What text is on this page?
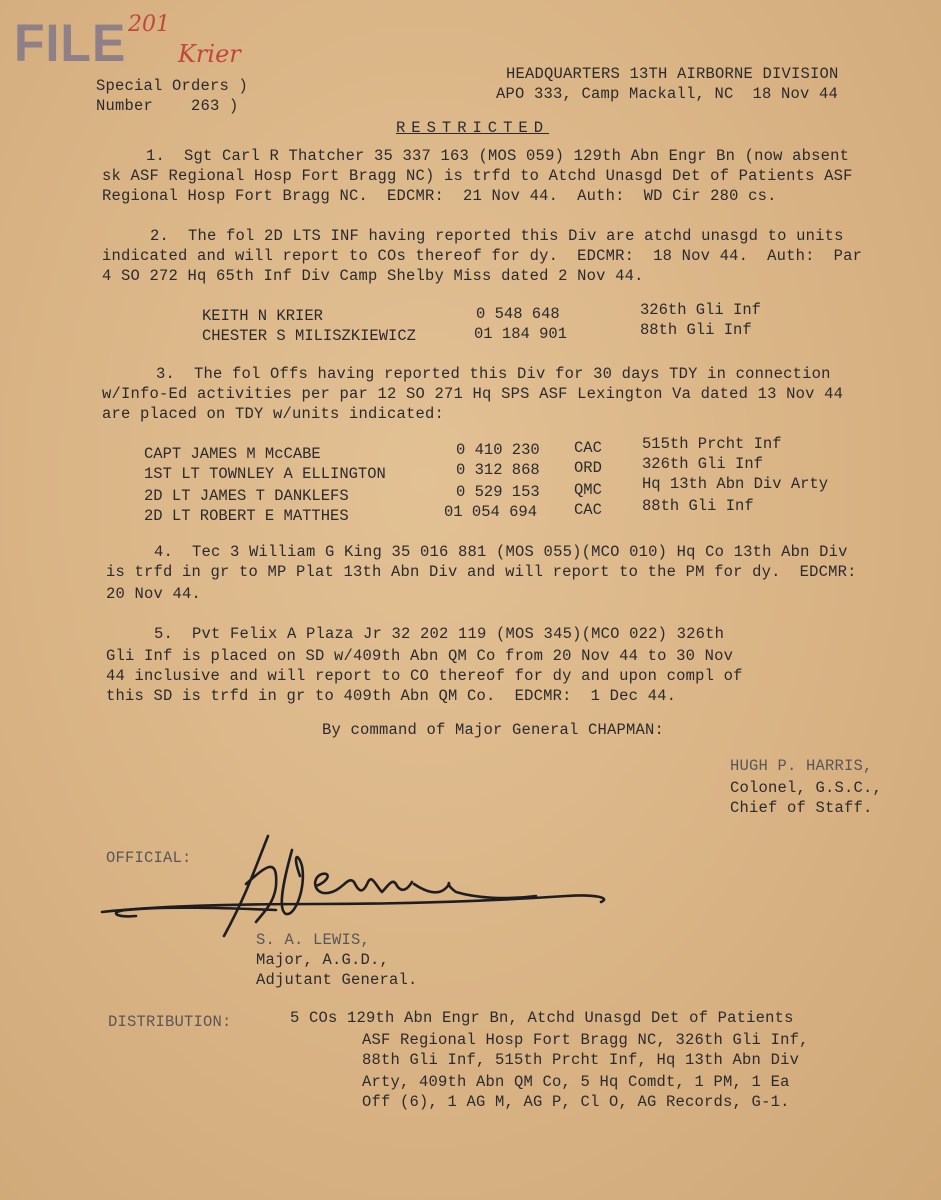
FILE 201
Krier
Special Orders )
Number    263 )
HEADQUARTERS 13TH AIRBORNE DIVISION
APO 333, Camp Mackall, NC  18 Nov 44
RESTRICTED
1.  Sgt Carl R Thatcher 35 337 163 (MOS 059) 129th Abn Engr Bn (now absent
sk ASF Regional Hosp Fort Bragg NC) is trfd to Atchd Unasgd Det of Patients ASF
Regional Hosp Fort Bragg NC.  EDCMR:  21 Nov 44.  Auth:  WD Cir 280 cs.
2.  The fol 2D LTS INF having reported this Div are atchd unasgd to units
indicated and will report to COs thereof for dy.  EDCMR:  18 Nov 44.  Auth:  Par
4 SO 272 Hq 65th Inf Div Camp Shelby Miss dated 2 Nov 44.
KEITH N KRIER	0 548 648	326th Gli Inf
CHESTER S MILISZKIEWICZ	01 184 901	88th Gli Inf
3.  The fol Offs having reported this Div for 30 days TDY in connection
w/Info-Ed activities per par 12 SO 271 Hq SPS ASF Lexington Va dated 13 Nov 44
are placed on TDY w/units indicated:
CAPT JAMES M McCABE	0 410 230 CAC	515th Prcht Inf
1ST LT TOWNLEY A ELLINGTON	0 312 868 ORD	326th Gli Inf
2D LT JAMES T DANKLEFS	0 529 153 QMC	Hq 13th Abn Div Arty
2D LT ROBERT E MATTHES	01 054 694 CAC	88th Gli Inf
4.  Tec 3 William G King 35 016 881 (MOS 055)(MCO 010) Hq Co 13th Abn Div
is trfd in gr to MP Plat 13th Abn Div and will report to the PM for dy.  EDCMR:
20 Nov 44.
5.  Pvt Felix A Plaza Jr 32 202 119 (MOS 345)(MCO 022) 326th
Gli Inf is placed on SD w/409th Abn QM Co from 20 Nov 44 to 30 Nov
44 inclusive and will report to CO thereof for dy and upon compl of
this SD is trfd in gr to 409th Abn QM Co.  EDCMR:  1 Dec 44.
By command of Major General CHAPMAN:
HUGH P. HARRIS,
Colonel, G.S.C.,
Chief of Staff.
OFFICIAL:
S. A. LEWIS,
Major, A.G.D.,
Adjutant General.
DISTRIBUTION:	5 COs 129th Abn Engr Bn, Atchd Unasgd Det of Patients
ASF Regional Hosp Fort Bragg NC, 326th Gli Inf,
88th Gli Inf, 515th Prcht Inf, Hq 13th Abn Div
Arty, 409th Abn QM Co, 5 Hq Comdt, 1 PM, 1 Ea
Off (6), 1 AG M, AG P, Cl O, AG Records, G-1.
